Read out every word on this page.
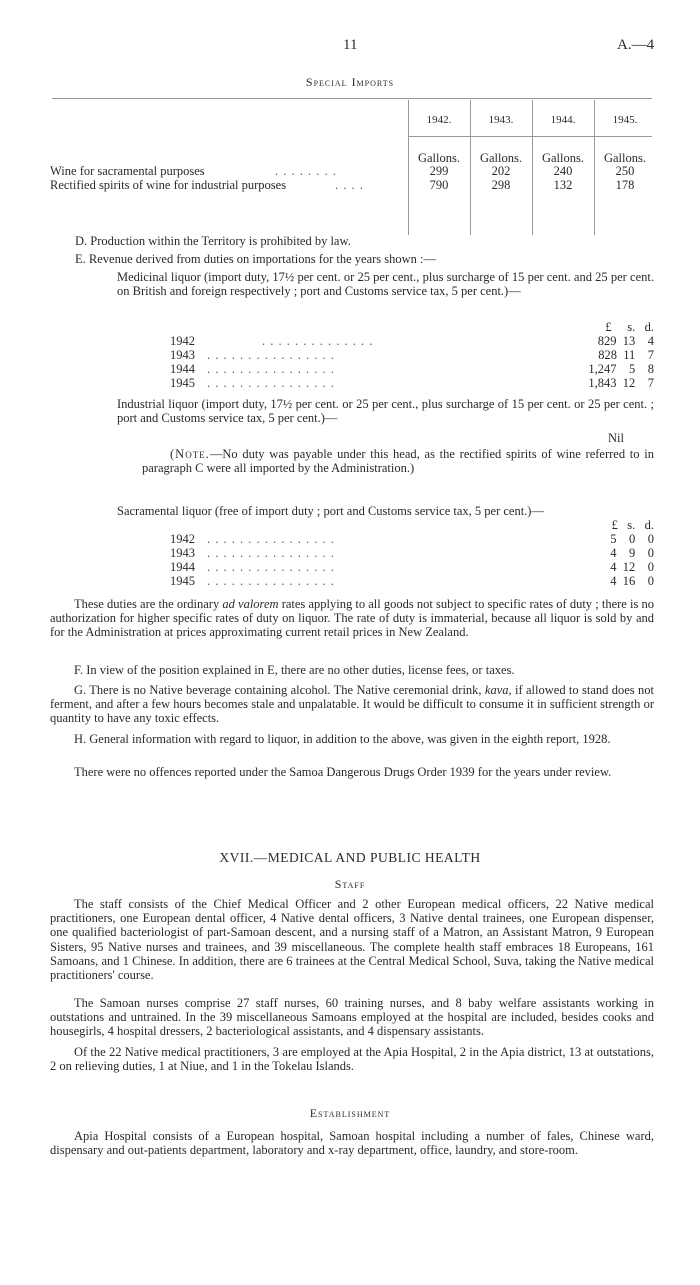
11	A.—4
Special Imports
1942.	1943.	1944.	1945.
Gallons.	Gallons.	Gallons.	Gallons.
Wine for sacramental purposes	. . . . . . . .	299	202	240	250
Rectified spirits of wine for industrial purposes	. . . .	790	298	132	178
D. Production within the Territory is prohibited by law.
E. Revenue derived from duties on importations for the years shown :—
Medicinal liquor (import duty, 17½ per cent. or 25 per cent., plus surcharge of 15 per cent. and 25 per cent. on British and foreign respectively ; port and Customs service tax, 5 per cent.)—
£     s.   d.
1942	. . . . . . . . . . . . . .	829  13    4
1943 . . . . . . . . . . . . . . . .	828  11    7
1944 . . . . . . . . . . . . . . . .	1,247    5    8
1945 . . . . . . . . . . . . . . . .	1,843  12    7
Industrial liquor (import duty, 17½ per cent. or 25 per cent., plus surcharge of 15 per cent. or 25 per cent. ; port and Customs service tax, 5 per cent.)—
Nil
(Note.—No duty was payable under this head, as the rectified spirits of wine referred to in paragraph C were all imported by the Administration.)
Sacramental liquor (free of import duty ; port and Customs service tax, 5 per cent.)—
£   s.   d.
1942 . . . . . . . . . . . . . . . .	5    0    0
1943 . . . . . . . . . . . . . . . .	4    9    0
1944 . . . . . . . . . . . . . . . .	4  12    0
1945 . . . . . . . . . . . . . . . .	4  16    0
These duties are the ordinary ad valorem rates applying to all goods not subject to specific rates of duty ; there is no authorization for higher specific rates of duty on liquor. The rate of duty is immaterial, because all liquor is sold by and for the Administration at prices approximating current retail prices in New Zealand.
F. In view of the position explained in E, there are no other duties, license fees, or taxes.
G. There is no Native beverage containing alcohol. The Native ceremonial drink, kava, if allowed to stand does not ferment, and after a few hours becomes stale and unpalatable. It would be difficult to consume it in sufficient strength or quantity to have any toxic effects.
H. General information with regard to liquor, in addition to the above, was given in the eighth report, 1928.
There were no offences reported under the Samoa Dangerous Drugs Order 1939 for the years under review.
XVII.—MEDICAL AND PUBLIC HEALTH
Staff
The staff consists of the Chief Medical Officer and 2 other European medical officers, 22 Native medical practitioners, one European dental officer, 4 Native dental officers, 3 Native dental trainees, one European dispenser, one qualified bacteriologist of part-Samoan descent, and a nursing staff of a Matron, an Assistant Matron, 9 European Sisters, 95 Native nurses and trainees, and 39 miscellaneous. The complete health staff embraces 18 Europeans, 161 Samoans, and 1 Chinese. In addition, there are 6 trainees at the Central Medical School, Suva, taking the Native medical practitioners' course.
The Samoan nurses comprise 27 staff nurses, 60 training nurses, and 8 baby welfare assistants working in outstations and untrained. In the 39 miscellaneous Samoans employed at the hospital are included, besides cooks and housegirls, 4 hospital dressers, 2 bacteriological assistants, and 4 dispensary assistants.
Of the 22 Native medical practitioners, 3 are employed at the Apia Hospital, 2 in the Apia district, 13 at outstations, 2 on relieving duties, 1 at Niue, and 1 in the Tokelau Islands.
Establishment
Apia Hospital consists of a European hospital, Samoan hospital including a number of fales, Chinese ward, dispensary and out-patients department, laboratory and x-ray department, office, laundry, and store-room.
